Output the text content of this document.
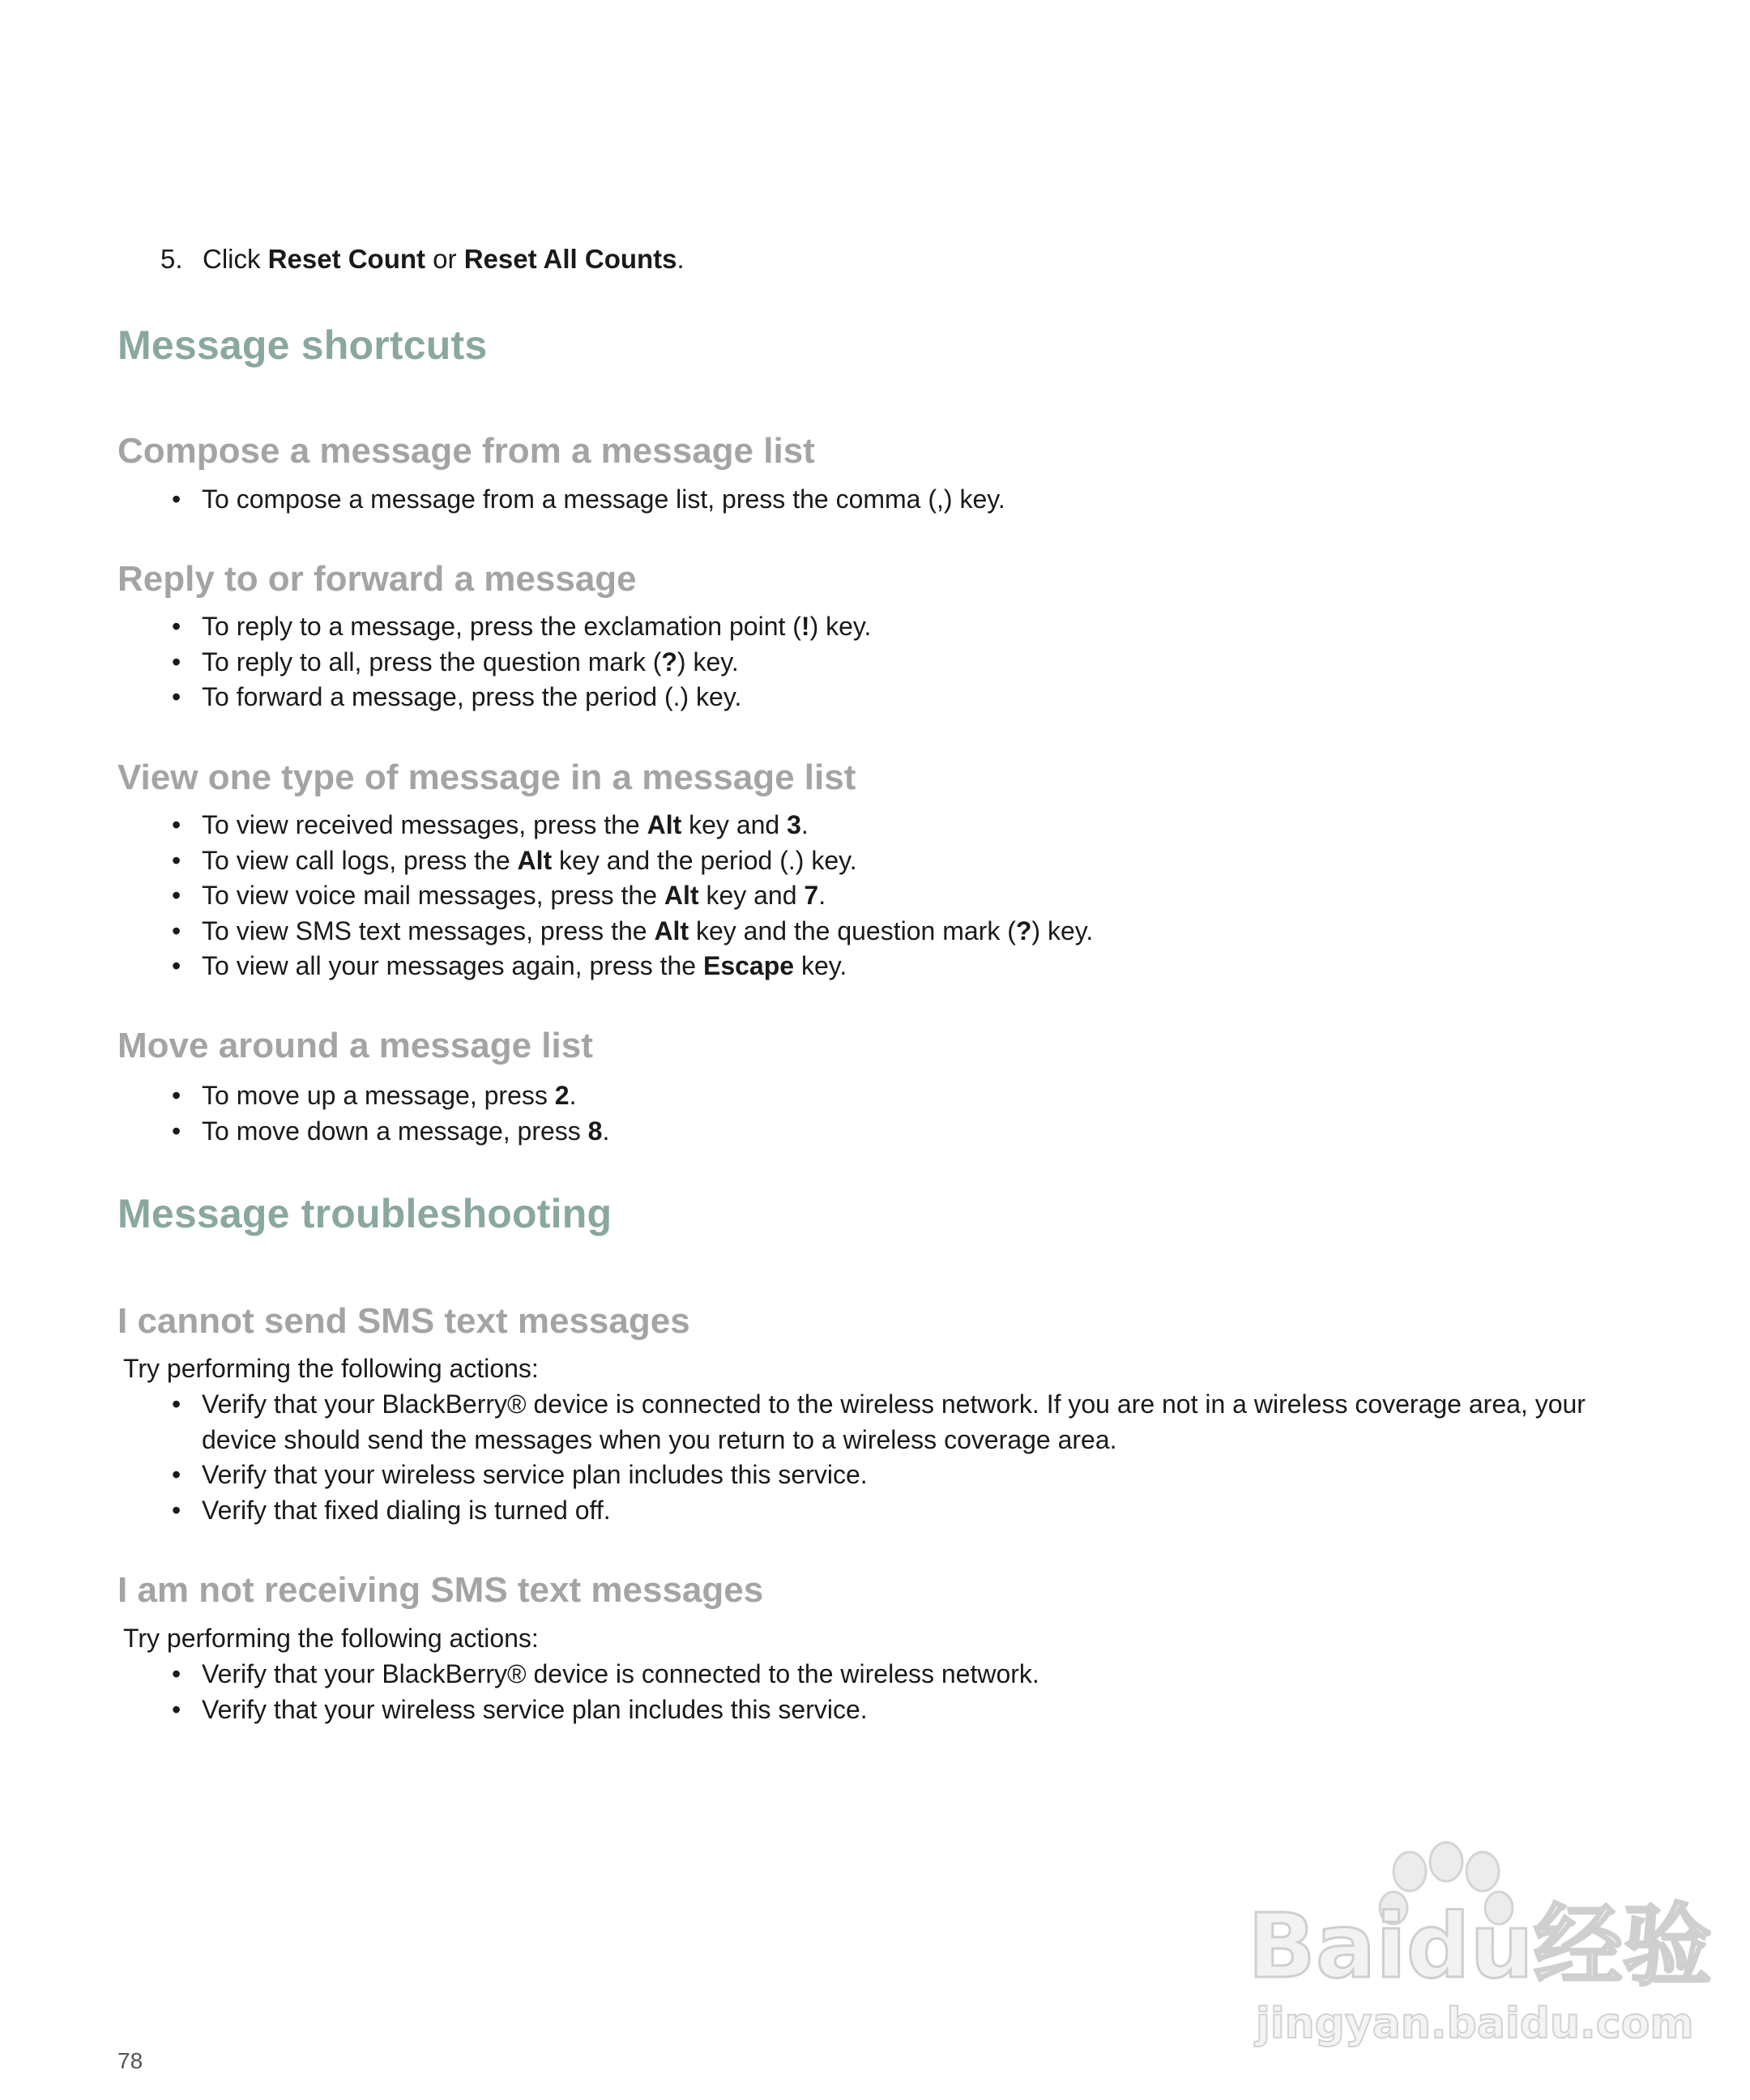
5. Click Reset Count or Reset All Counts.
Message shortcuts
Compose a message from a message list
• To compose a message from a message list, press the comma (,) key.
Reply to or forward a message
• To reply to a message, press the exclamation point (!) key.
• To reply to all, press the question mark (?) key.
• To forward a message, press the period (.) key.
View one type of message in a message list
• To view received messages, press the Alt key and 3.
• To view call logs, press the Alt key and the period (.) key.
• To view voice mail messages, press the Alt key and 7.
• To view SMS text messages, press the Alt key and the question mark (?) key.
• To view all your messages again, press the Escape key.
Move around a message list
• To move up a message, press 2.
• To move down a message, press 8.
Message troubleshooting
I cannot send SMS text messages
Try performing the following actions:
• Verify that your BlackBerry® device is connected to the wireless network. If you are not in a wireless coverage area, your device should send the messages when you return to a wireless coverage area.
• Verify that your wireless service plan includes this service.
• Verify that fixed dialing is turned off.
I am not receiving SMS text messages
Try performing the following actions:
• Verify that your BlackBerry® device is connected to the wireless network.
• Verify that your wireless service plan includes this service.
Baidu经验
jingyan.baidu.com
78
